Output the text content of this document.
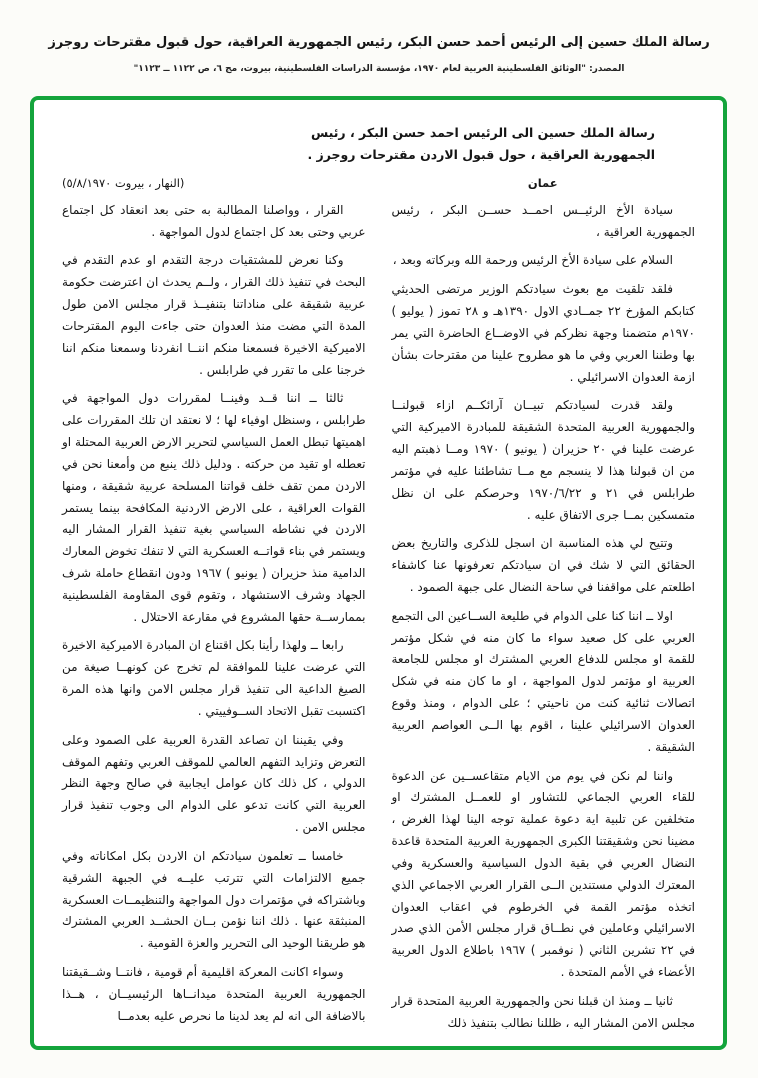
رسالة الملك حسين إلى الرئيس أحمد حسن البكر، رئيس الجمهورية العراقية، حول قبول مقترحات روجرز
المصدر: "الوثائق الفلسطينية العربية لعام ١٩٧٠، مؤسسة الدراسات الفلسطينية، بيروت، مج ٦، ص ١١٢٢ ــ ١١٢٣"
رسالة الملك حسين الى الرئيس احمد حسن البكر ، رئيس
الجمهورية العراقية ، حول قبول الاردن مقترحات روجرز .
عمان
(النهار ، بيروت ٥/٨/١٩٧٠)

سيادة الأخ الرئيــس احمــد حســن البكر ، رئيس الجمهورية العراقية ،

السلام على سيادة الأخ الرئيس ورحمة الله وبركاته وبعد ،

فلقد تلقيت مع بعوث سيادتكم الوزير مرتضى الحديثي كتابكم المؤرخ ٢٢ جمــادي الاول ١٣٩٠هـ و ٢٨ تموز ( يوليو ) ١٩٧٠م متضمنا وجهة نظركم في الاوضــاع الحاضرة التي يمر بها وطننا العربي وفي ما هو مطروح علينا من مقترحات بشأن ازمة العدوان الاسرائيلي .

ولقد قدرت لسيادتكم تبيــان آرائكــم ازاء قبولنــا والجمهورية العربية المتحدة الشقيقة للمبادرة الاميركية التي عرضت علينا في ٢٠ حزيران ( يونيو ) ١٩٧٠ ومــا ذهبتم اليه من ان قبولنا هذا لا ينسجم مع مــا تشاطئنا عليه في مؤتمر طرابلس في ٢١ و ١٩٧٠/٦/٢٢ وحرصكم على ان نظل متمسكين بمــا جرى الاتفاق عليه .

وتتيح لي هذه المناسبة ان اسجل للذكرى والتاريخ بعض الحقائق التي لا شك في ان سيادتكم تعرفونها عنا كاشفاء اطلعتم على مواقفنا في ساحة النضال على جبهة الصمود .

اولا ــ اننا كنا على الدوام في طليعة الســاعين الى التجمع العربي على كل صعيد سواء ما كان منه في شكل مؤتمر للقمة او مجلس للدفاع العربي المشترك او مجلس للجامعة العربية او مؤتمر لدول المواجهة ، او ما كان منه في شكل اتصالات ثنائية كنت من ناحيتي ؛ على الدوام ، ومنذ وقوع العدوان الاسرائيلي علينا ، اقوم بها الــى العواصم العربية الشقيقة .

واننا لم نكن في يوم من الايام متقاعســين عن الدعوة للقاء العربي الجماعي للتشاور او للعمــل المشترك او متخلفين عن تلبية اية دعوة عملية توجه الينا لهذا الغرض ، مضينا نحن وشقيقتنا الكبرى الجمهورية العربية المتحدة قاعدة النضال العربي في بقية الدول السياسية والعسكرية وفي المعترك الدولي مستندين الــى القرار العربي الاجماعي الذي اتخذه مؤتمر القمة في الخرطوم في اعقاب العدوان الاسرائيلي وعاملين في نطــاق قرار مجلس الأمن الذي صدر في ٢٢ تشرين الثاني ( نوفمبر ) ١٩٦٧ باطلاع الدول العربية الأعضاء في الأمم المتحدة .

ثانيا ــ ومنذ ان قبلنا نحن والجمهورية العربية المتحدة قرار مجلس الامن المشار اليه ، ظللنا نطالب بتنفيذ ذلك

القرار ، وواصلنا المطالبة به حتى بعد انعقاد كل اجتماع عربي وحتى بعد كل اجتماع لدول المواجهة .

وكنا نعرض للمشتقيات درجة التقدم او عدم التقدم في البحث في تنفيذ ذلك القرار ، ولــم يحدث ان اعترضت حكومة عربية شقيقة على مناداتنا بتنفيــذ قرار مجلس الامن طول المدة التي مضت منذ العدوان حتى جاءت اليوم المقترحات الاميركية الاخيرة فسمعنا منكم اننــا انفردنا وسمعنا منكم اننا خرجنا على ما تقرر في طرابلس .

ثالثا ــ اننا قــد وفينــا لمقررات دول المواجهة في طرابلس ، وسنظل اوفياء لها ؛ لا نعتقد ان تلك المقررات على اهميتها تبطل العمل السياسي لتحرير الارض العربية المحتلة او تعطله او تقيد من حركته . ودليل ذلك ينبع من وأمعنا نحن في الاردن ممن تقف خلف قواتنا المسلحة عربية شقيقة ، ومنها القوات العراقية ، على الارض الاردنية المكافحة بينما يستمر الاردن في نشاطه السياسي بغية تنفيذ القرار المشار اليه ويستمر في بناء قواتــه العسكرية التي لا تنفك تخوض المعارك الدامية منذ حزيران ( يونيو ) ١٩٦٧ ودون انقطاع حاملة شرف الجهاد وشرف الاستشهاد ، وتقوم قوى المقاومة الفلسطينية بممارســة حقها المشروع في مقارعة الاحتلال .

رابعا ــ ولهذا رأينا بكل اقتناع ان المبادرة الاميركية الاخيرة التي عرضت علينا للموافقة لم تخرج عن كونهــا صيغة من الصيغ الداعية الى تنفيذ قرار مجلس الامن وانها هذه المرة اكتسبت تقبل الاتحاد الســوفييتي .

وفي يقيننا ان تصاعد القدرة العربية على الصمود وعلى التعرض وتزايد التفهم العالمي للموقف العربي وتفهم الموقف الدولي ، كل ذلك كان عوامل ايجابية في صالح وجهة النظر العربية التي كانت تدعو على الدوام الى وجوب تنفيذ قرار مجلس الامن .

خامسا ــ تعلمون سيادتكم ان الاردن بكل امكاناته وفي جميع الالتزامات التي تترتب عليــه في الجبهة الشرقية وباشتراكه في مؤتمرات دول المواجهة والتنظيمــات العسكرية المنبثقة عنها . ذلك اننا نؤمن بــان الحشــد العربي المشترك هو طريقنا الوحيد الى التحرير والعزة القومية .

وسواء اكانت المعركة اقليمية أم قومية ، فانتــا وشــقيقتنا الجمهورية العربية المتحدة ميدانــاها الرئيسيــان ، هــذا بالاضافة الى انه لم يعد لدينا ما نحرص عليه بعدمــا
